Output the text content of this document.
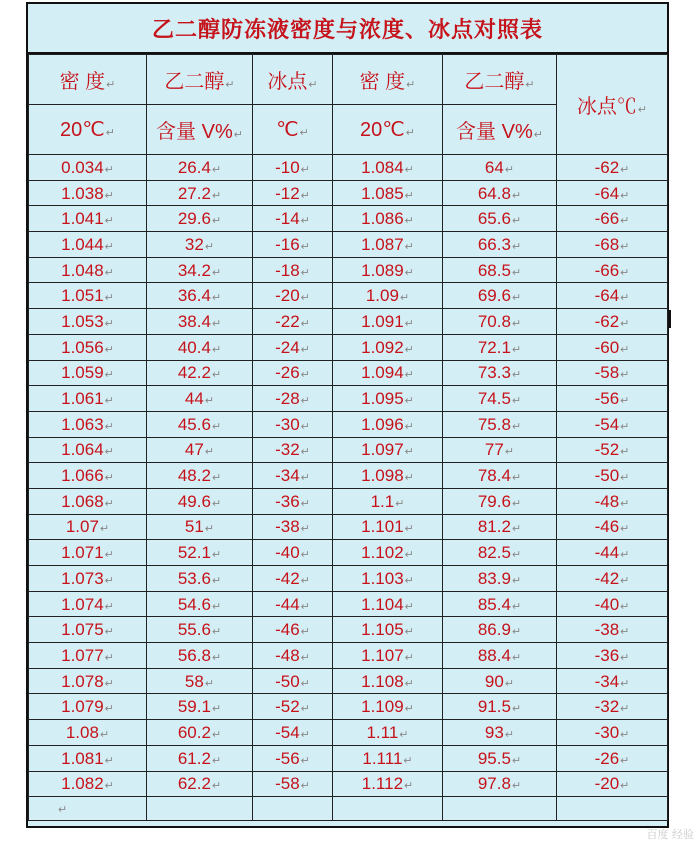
乙二醇防冻液密度与浓度、冰点对照表
密 度↵	乙二醇↵	冰点↵	密 度↵	乙二醇↵	冰点℃↵
20℃↵	含量 V%↵	℃↵	20℃↵	含量 V%↵	
0.034↵	26.4↵	-10↵	1.084↵	64↵	-62↵
1.038↵	27.2↵	-12↵	1.085↵	64.8↵	-64↵
1.041↵	29.6↵	-14↵	1.086↵	65.6↵	-66↵
1.044↵	32↵	-16↵	1.087↵	66.3↵	-68↵
1.048↵	34.2↵	-18↵	1.089↵	68.5↵	-66↵
1.051↵	36.4↵	-20↵	1.09↵	69.6↵	-64↵
1.053↵	38.4↵	-22↵	1.091↵	70.8↵	-62↵
1.056↵	40.4↵	-24↵	1.092↵	72.1↵	-60↵
1.059↵	42.2↵	-26↵	1.094↵	73.3↵	-58↵
1.061↵	44↵	-28↵	1.095↵	74.5↵	-56↵
1.063↵	45.6↵	-30↵	1.096↵	75.8↵	-54↵
1.064↵	47↵	-32↵	1.097↵	77↵	-52↵
1.066↵	48.2↵	-34↵	1.098↵	78.4↵	-50↵
1.068↵	49.6↵	-36↵	1.1↵	79.6↵	-48↵
1.07↵	51↵	-38↵	1.101↵	81.2↵	-46↵
1.071↵	52.1↵	-40↵	1.102↵	82.5↵	-44↵
1.073↵	53.6↵	-42↵	1.103↵	83.9↵	-42↵
1.074↵	54.6↵	-44↵	1.104↵	85.4↵	-40↵
1.075↵	55.6↵	-46↵	1.105↵	86.9↵	-38↵
1.077↵	56.8↵	-48↵	1.107↵	88.4↵	-36↵
1.078↵	58↵	-50↵	1.108↵	90↵	-34↵
1.079↵	59.1↵	-52↵	1.109↵	91.5↵	-32↵
1.08↵	60.2↵	-54↵	1.11↵	93↵	-30↵
1.081↵	61.2↵	-56↵	1.111↵	95.5↵	-26↵
1.082↵	62.2↵	-58↵	1.112↵	97.8↵	-20↵
↵					
百度 经验
